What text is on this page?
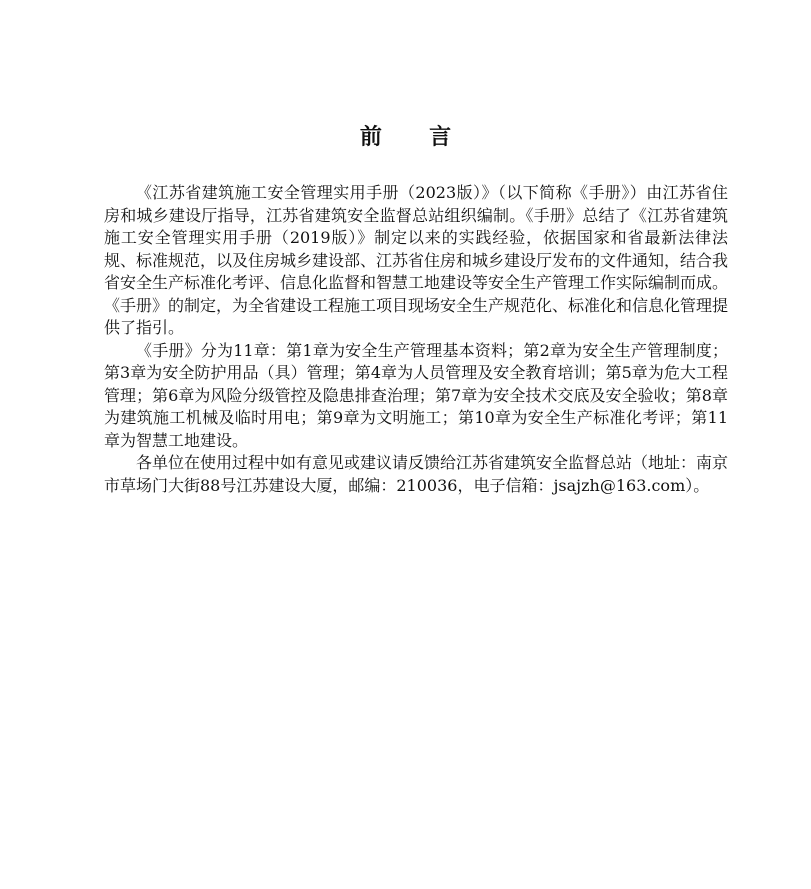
前 言

《江苏省建筑施工安全管理实用手册（2023版）》（以下简称《手册》）由江苏省住房和城乡建设厅指导，江苏省建筑安全监督总站组织编制。《手册》总结了《江苏省建筑施工安全管理实用手册（2019版）》制定以来的实践经验，依据国家和省最新法律法规、标准规范，以及住房城乡建设部、江苏省住房和城乡建设厅发布的文件通知，结合我省安全生产标准化考评、信息化监督和智慧工地建设等安全生产管理工作实际编制而成。《手册》的制定，为全省建设工程施工项目现场安全生产规范化、标准化和信息化管理提供了指引。

《手册》分为11章：第1章为安全生产管理基本资料；第2章为安全生产管理制度；第3章为安全防护用品（具）管理；第4章为人员管理及安全教育培训；第5章为危大工程管理；第6章为风险分级管控及隐患排查治理；第7章为安全技术交底及安全验收；第8章为建筑施工机械及临时用电；第9章为文明施工；第10章为安全生产标准化考评；第11章为智慧工地建设。

各单位在使用过程中如有意见或建议请反馈给江苏省建筑安全监督总站（地址：南京市草场门大街88号江苏建设大厦，邮编：210036，电子信箱：jsajzh@163.com）。
